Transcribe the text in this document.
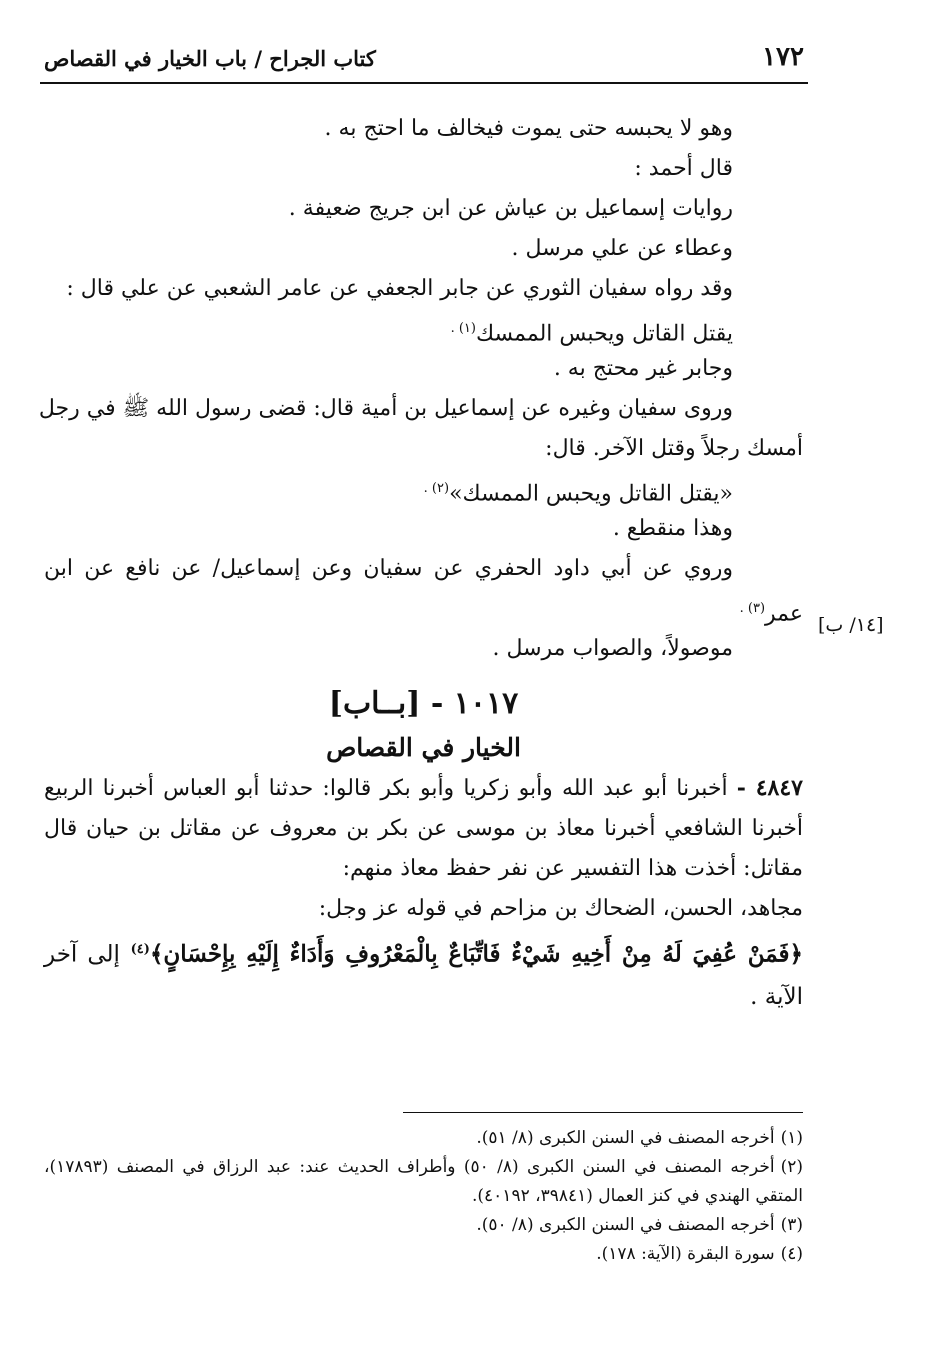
١٧٢
كتاب الجراح / باب الخيار في القصاص
[١٤/ ب]
وهو لا يحبسه حتى يموت فيخالف ما احتج به .
قال أحمد :
روايات إسماعيل بن عياش عن ابن جريج ضعيفة .
وعطاء عن علي مرسل .
وقد رواه سفيان الثوري عن جابر الجعفي عن عامر الشعبي عن علي قال :
يقتل القاتل ويحبس الممسك$^{(١) .}$
وجابر غير محتج به .
وروى سفيان وغيره عن إسماعيل بن أمية قال: قضى رسول الله ﷺ في رجل
أمسك رجلاً وقتل الآخر. قال:
«يقتل القاتل ويحبس الممسك»$^{(٢) .}$
وهذا منقطع .
وروي عن أبي داود الحفري عن سفيان وعن إسماعيل/ عن نافع عن ابن
عمر$^{(٣) .}$
موصولاً، والصواب مرسل .
١٠١٧ - [بــاب]
الخيار في القصاص
٤٨٤٧ - أخبرنا أبو عبد الله وأبو زكريا وأبو بكر قالوا: حدثنا أبو العباس أخبرنا الربيع أخبرنا الشافعي أخبرنا معاذ بن موسى عن بكر بن معروف عن مقاتل بن حيان قال مقاتل: أخذت هذا التفسير عن نفر حفظ معاذ منهم:
مجاهد، الحسن، الضحاك بن مزاحم في قوله عز وجل:
﴿فَمَنْ عُفِيَ لَهُ مِنْ أَخِيهِ شَيْءٌ فَاتِّبَاعٌ بِالْمَعْرُوفِ وَأَدَاءٌ إِلَيْهِ بِإِحْسَانٍ﴾$^{(٤)}$ إلى آخر الآية .
(١)أخرجه المصنف في السنن الكبرى (٨/ ٥١).
(٢)أخرجه المصنف في السنن الكبرى (٨/ ٥٠) وأطراف الحديث عند: عبد الرزاق في المصنف (١٧٨٩٣)، المتقي الهندي في كنز العمال (٣٩٨٤١، ٤٠١٩٢).
(٣)أخرجه المصنف في السنن الكبرى (٨/ ٥٠).
(٤)سورة البقرة (الآية: ١٧٨).
